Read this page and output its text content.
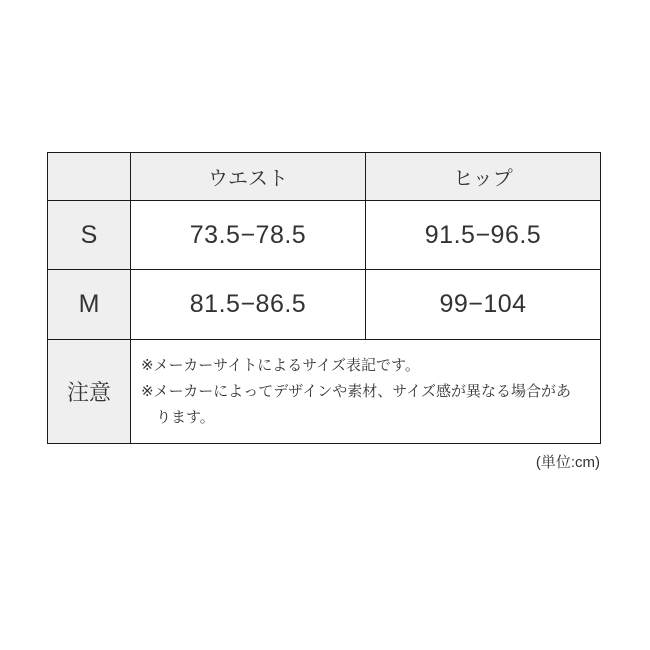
	ウエスト	ヒップ
S	73.5−78.5	91.5−96.5
M	81.5−86.5	99−104
注意	※メーカーサイトによるサイズ表記です。

※メーカーによってデザインや素材、サイズ感が異なる場合があります。	

(単位:cm)
